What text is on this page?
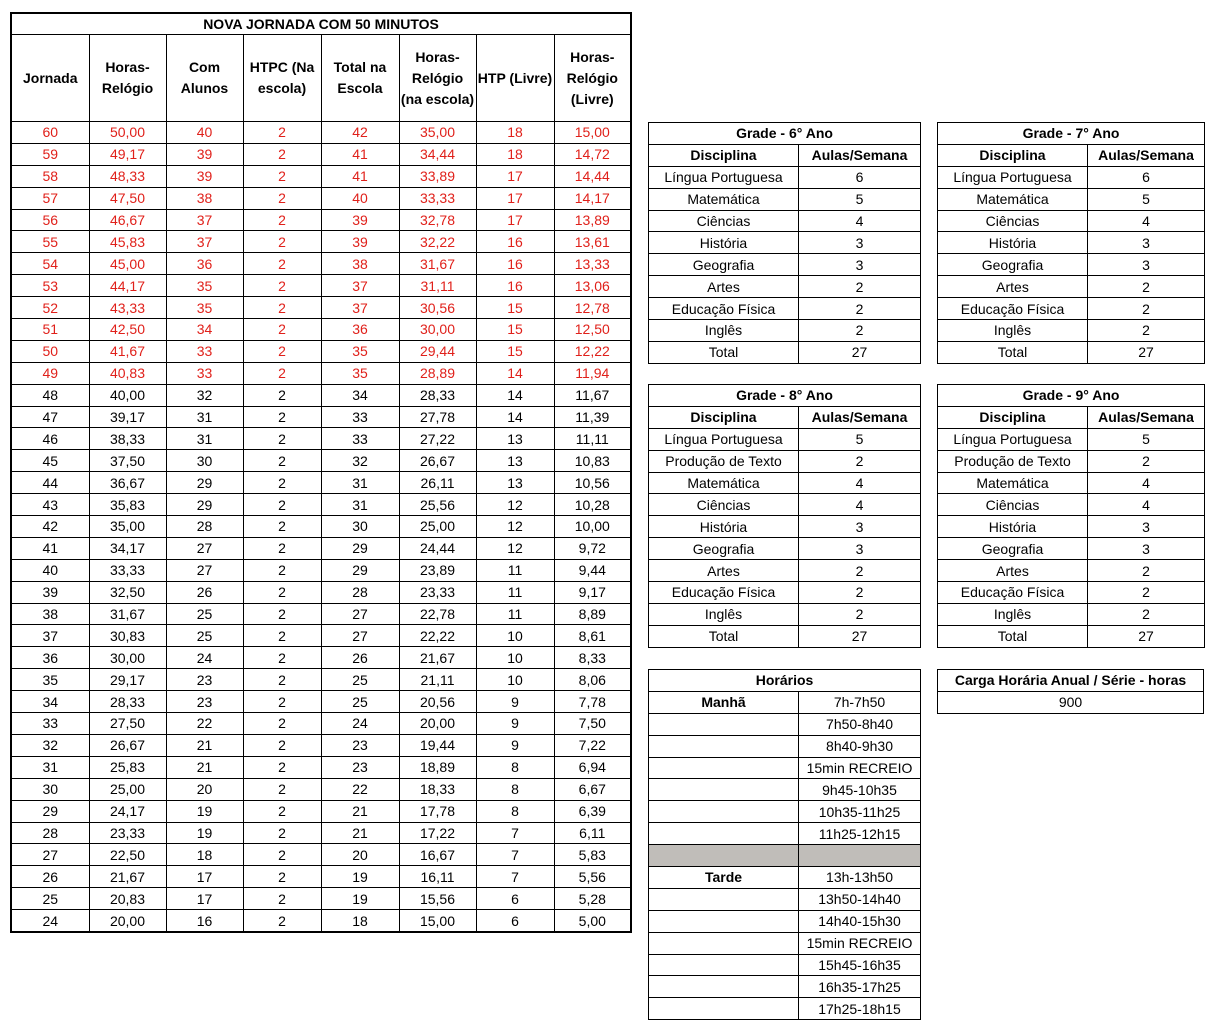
NOVA JORNADA COM 50 MINUTOS							
Jornada	Horas-Relógio	Com Alunos	HTPC (Na escola)	Total na Escola	Horas-Relógio (na escola)	HTP (Livre)	Horas-Relógio (Livre)
60	50,00	40	2	42	35,00	18	15,00
59	49,17	39	2	41	34,44	18	14,72
58	48,33	39	2	41	33,89	17	14,44
57	47,50	38	2	40	33,33	17	14,17
56	46,67	37	2	39	32,78	17	13,89
55	45,83	37	2	39	32,22	16	13,61
54	45,00	36	2	38	31,67	16	13,33
53	44,17	35	2	37	31,11	16	13,06
52	43,33	35	2	37	30,56	15	12,78
51	42,50	34	2	36	30,00	15	12,50
50	41,67	33	2	35	29,44	15	12,22
49	40,83	33	2	35	28,89	14	11,94
48	40,00	32	2	34	28,33	14	11,67
47	39,17	31	2	33	27,78	14	11,39
46	38,33	31	2	33	27,22	13	11,11
45	37,50	30	2	32	26,67	13	10,83
44	36,67	29	2	31	26,11	13	10,56
43	35,83	29	2	31	25,56	12	10,28
42	35,00	28	2	30	25,00	12	10,00
41	34,17	27	2	29	24,44	12	9,72
40	33,33	27	2	29	23,89	11	9,44
39	32,50	26	2	28	23,33	11	9,17
38	31,67	25	2	27	22,78	11	8,89
37	30,83	25	2	27	22,22	10	8,61
36	30,00	24	2	26	21,67	10	8,33
35	29,17	23	2	25	21,11	10	8,06
34	28,33	23	2	25	20,56	9	7,78
33	27,50	22	2	24	20,00	9	7,50
32	26,67	21	2	23	19,44	9	7,22
31	25,83	21	2	23	18,89	8	6,94
30	25,00	20	2	22	18,33	8	6,67
29	24,17	19	2	21	17,78	8	6,39
28	23,33	19	2	21	17,22	7	6,11
27	22,50	18	2	20	16,67	7	5,83
26	21,67	17	2	19	16,11	7	5,56
25	20,83	17	2	19	15,56	6	5,28
24	20,00	16	2	18	15,00	6	5,00
Grade - 6° Ano	
Disciplina	Aulas/Semana
Língua Portuguesa	6
Matemática	5
Ciências	4
História	3
Geografia	3
Artes	2
Educação Física	2
Inglês	2
Total	27
Grade - 7° Ano	
Disciplina	Aulas/Semana
Língua Portuguesa	6
Matemática	5
Ciências	4
História	3
Geografia	3
Artes	2
Educação Física	2
Inglês	2
Total	27
Grade - 8° Ano	
Disciplina	Aulas/Semana
Língua Portuguesa	5
Produção de Texto	2
Matemática	4
Ciências	4
História	3
Geografia	3
Artes	2
Educação Física	2
Inglês	2
Total	27
Grade - 9° Ano	
Disciplina	Aulas/Semana
Língua Portuguesa	5
Produção de Texto	2
Matemática	4
Ciências	4
História	3
Geografia	3
Artes	2
Educação Física	2
Inglês	2
Total	27
Horários	
Manhã	7h-7h50
	7h50-8h40
	8h40-9h30
	15min RECREIO
	9h45-10h35
	10h35-11h25
	11h25-12h15

Tarde	13h-13h50
	13h50-14h40
	14h40-15h30
	15min RECREIO
	15h45-16h35
	16h35-17h25
	17h25-18h15
Carga Horária Anual / Série - horas
900
